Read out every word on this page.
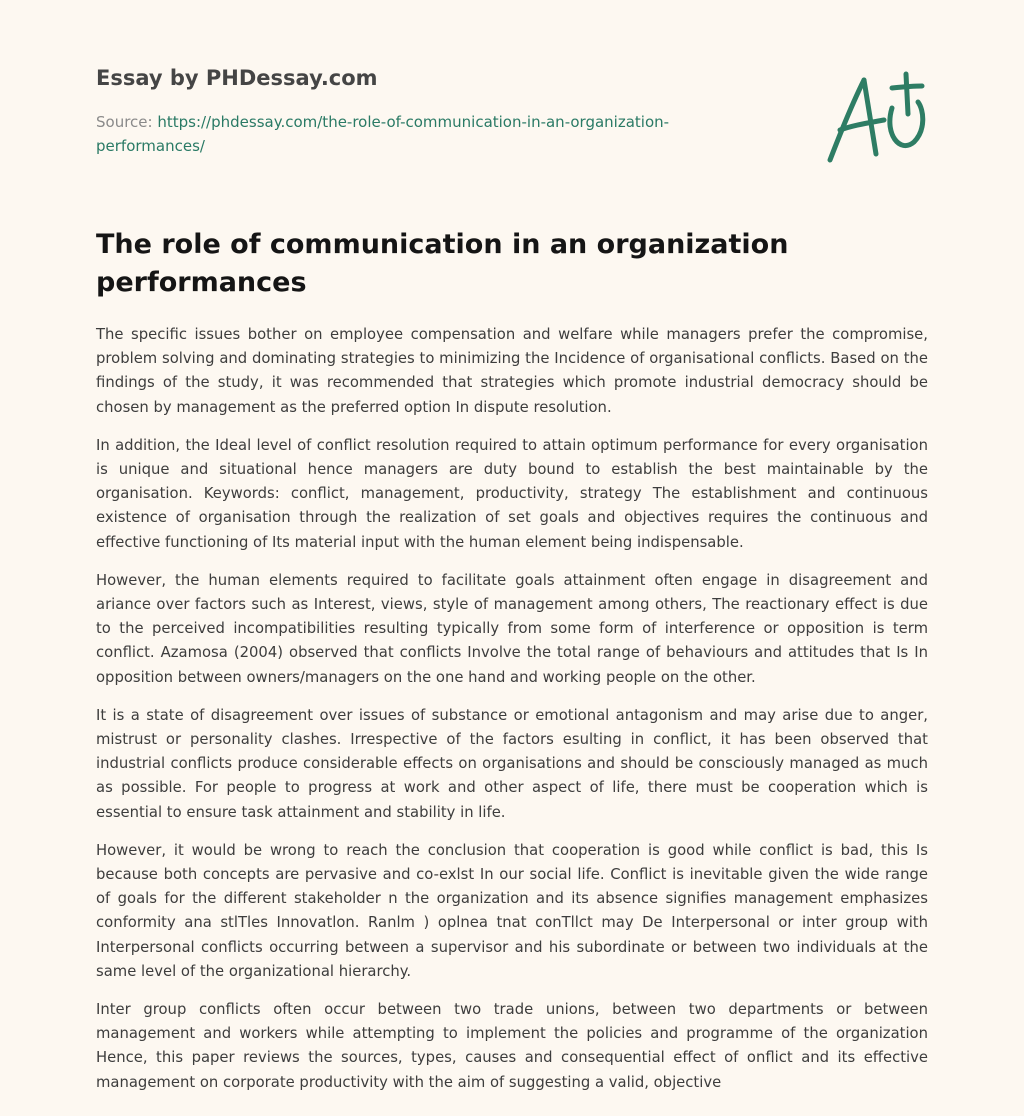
Essay by PHDessay.com

Source: https://phdessay.com/the-role-of-communication-in-an-organization-performances/

The role of communication in an organization performances

The specific issues bother on employee compensation and welfare while managers prefer the compromise, problem solving and dominating strategies to minimizing the Incidence of organisational conflicts. Based on the findings of the study, it was recommended that strategies which promote industrial democracy should be chosen by management as the preferred option In dispute resolution.

In addition, the Ideal level of conflict resolution required to attain optimum performance for every organisation is unique and situational hence managers are duty bound to establish the best maintainable by the organisation. Keywords: conflict, management, productivity, strategy The establishment and continuous existence of organisation through the realization of set goals and objectives requires the continuous and effective functioning of Its material input with the human element being indispensable.

However, the human elements required to facilitate goals attainment often engage in disagreement and ariance over factors such as Interest, views, style of management among others, The reactionary effect is due to the perceived incompatibilities resulting typically from some form of interference or opposition is term conflict. Azamosa (2004) observed that conflicts Involve the total range of behaviours and attitudes that Is In opposition between owners/managers on the one hand and working people on the other.

It is a state of disagreement over issues of substance or emotional antagonism and may arise due to anger, mistrust or personality clashes. Irrespective of the factors esulting in conflict, it has been observed that industrial conflicts produce considerable effects on organisations and should be consciously managed as much as possible. For people to progress at work and other aspect of life, there must be cooperation which is essential to ensure task attainment and stability in life.

However, it would be wrong to reach the conclusion that cooperation is good while conflict is bad, this Is because both concepts are pervasive and co-exlst In our social life. Conflict is inevitable given the wide range of goals for the different stakeholder n the organization and its absence signifies management emphasizes conformity ana stlTles Innovatlon. Ranlm ) oplnea tnat conTllct may De Interpersonal or inter group with Interpersonal conflicts occurring between a supervisor and his subordinate or between two individuals at the same level of the organizational hierarchy.

Inter group conflicts often occur between two trade unions, between two departments or between management and workers while attempting to implement the policies and programme of the organization Hence, this paper reviews the sources, types, causes and consequential effect of onflict and its effective management on corporate productivity with the aim of suggesting a valid, objective
